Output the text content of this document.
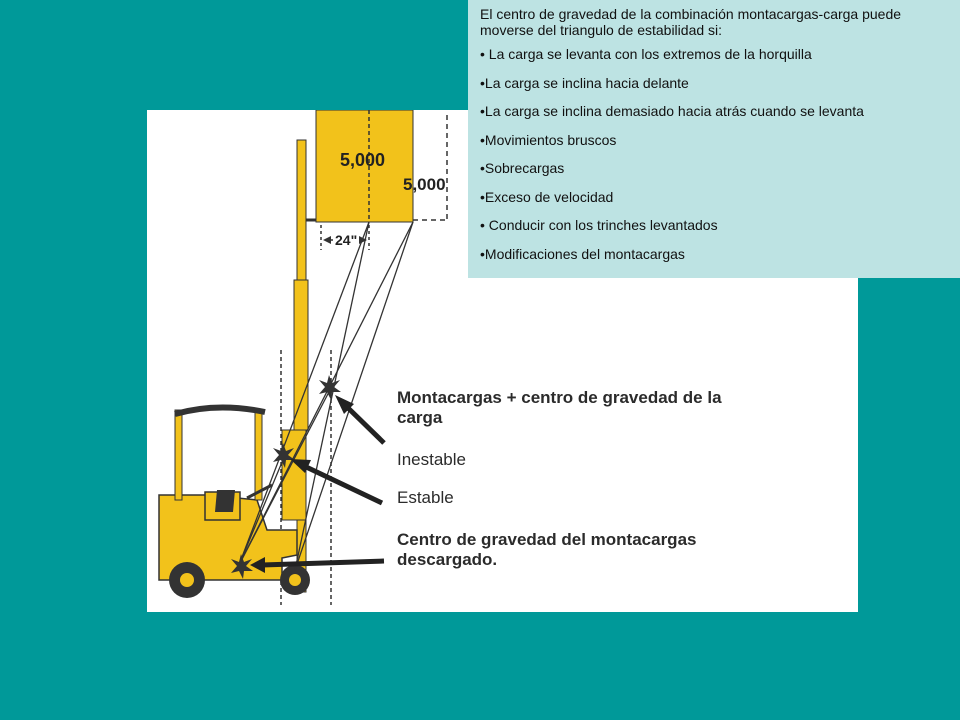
5,000
5,000
24"
Montacargas + centro de gravedad de la carga
Inestable
Estable
Centro de gravedad del montacargas descargado.
El centro de gravedad de la combinación montacargas-carga puede moverse del triangulo de estabilidad si:
• La carga se levanta con los extremos de la horquilla
•La carga se inclina hacia delante
•La carga se inclina demasiado hacia atrás cuando se levanta
•Movimientos bruscos
•Sobrecargas
•Exceso de velocidad
• Conducir con los trinches levantados
•Modificaciones del montacargas
